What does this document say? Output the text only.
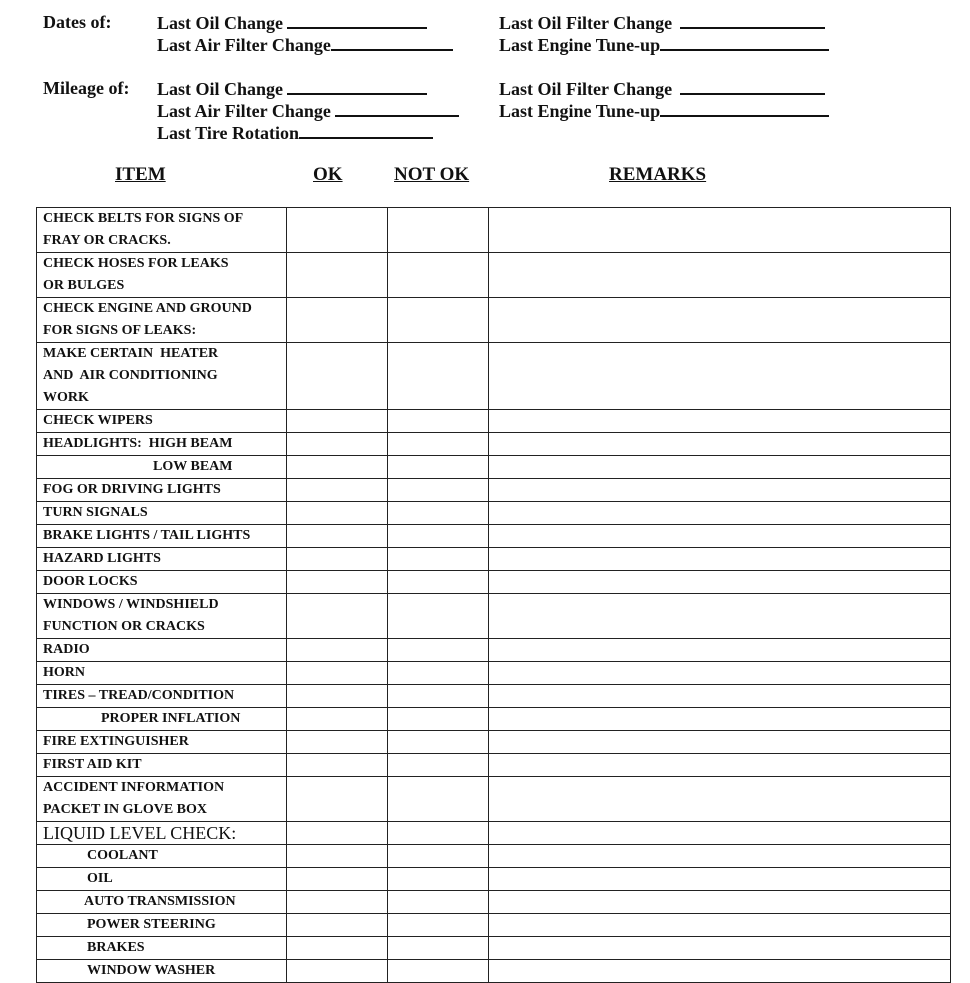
Dates of:	Last Oil Change
Last Air Filter Change
Last Oil Filter Change
Last Engine Tune-up
Mileage of: Last Oil Change
Last Air Filter Change
Last Tire Rotation
Last Oil Filter Change
Last Engine Tune-up
ITEM	OK	NOT OK	REMARKS
CHECK BELTS FOR SIGNS OF
FRAY OR CRACKS.			

CHECK HOSES FOR LEAKS
OR BULGES			

CHECK ENGINE AND GROUND
FOR SIGNS OF LEAKS:			

MAKE CERTAIN  HEATER
AND  AIR CONDITIONING
WORK			

CHECK WIPERS			

HEADLIGHTS:  HIGH BEAM			

LOW BEAM			

FOG OR DRIVING LIGHTS			

TURN SIGNALS			

BRAKE LIGHTS / TAIL LIGHTS			

HAZARD LIGHTS			

DOOR LOCKS			

WINDOWS / WINDSHIELD
FUNCTION OR CRACKS			

RADIO			

HORN			

TIRES – TREAD/CONDITION			

PROPER INFLATION			

FIRE EXTINGUISHER			

FIRST AID KIT			

ACCIDENT INFORMATION
PACKET IN GLOVE BOX			

LIQUID LEVEL CHECK:			

COOLANT			

OIL			

AUTO TRANSMISSION			

POWER STEERING			

BRAKES			

WINDOW WASHER			
